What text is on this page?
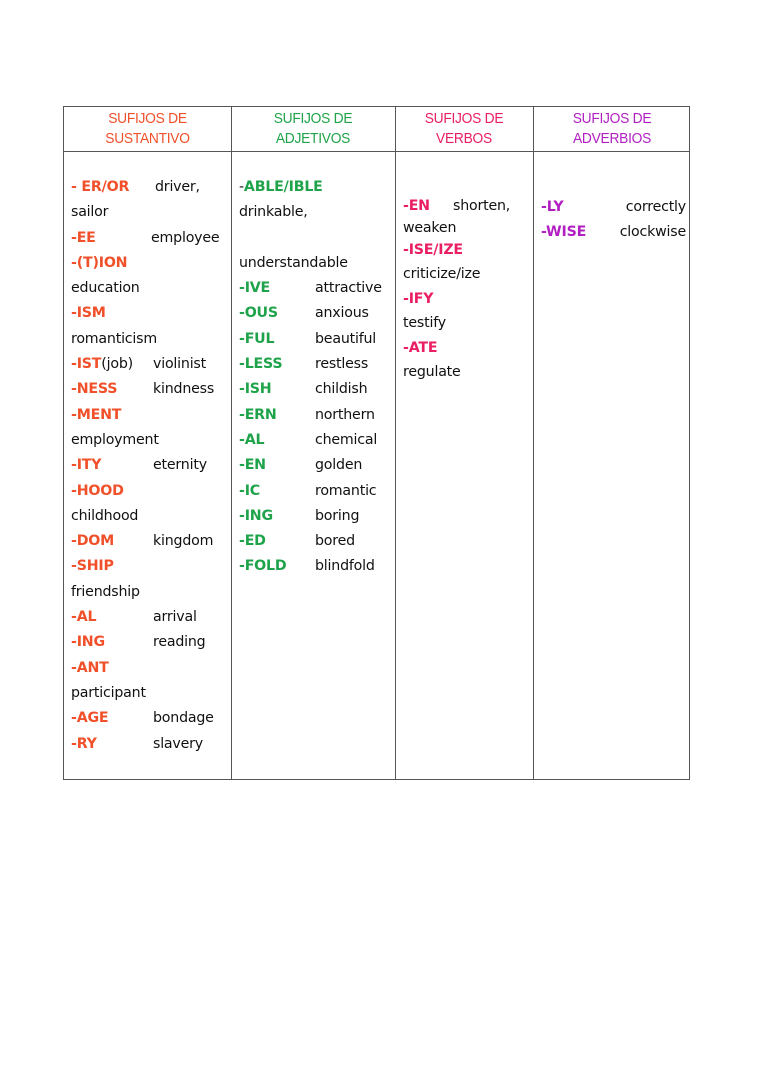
SUFIJOS DE
SUSTANTIVO
SUFIJOS DE
ADJETIVOS
SUFIJOS DE
VERBOS
SUFIJOS DE
ADVERBIOS
- ER/OR driver,
sailor
-EE	employee
-(T)ION
education
-ISM
romanticism
-IST(job) violinist
-NESS	kindness
-MENT
employment
-ITY	eternity
-HOOD
childhood
-DOM	kingdom
-SHIP
friendship
-AL	arrival
-ING	reading
-ANT
participant
-AGE	bondage
-RY	slavery
-ABLE/IBLE
drinkable,
understandable
-IVE	attractive
-OUS	anxious
-FUL	beautiful
-LESS restless
-ISH	childish
-ERN	northern
-AL	chemical
-EN	golden
-IC	romantic
-ING	boring
-ED	bored
-FOLD blindfold
-EN shorten,
weaken
-ISE/IZE
criticize/ize
-IFY
testify
-ATE
regulate
-LY	correctly
-WISE clockwise
